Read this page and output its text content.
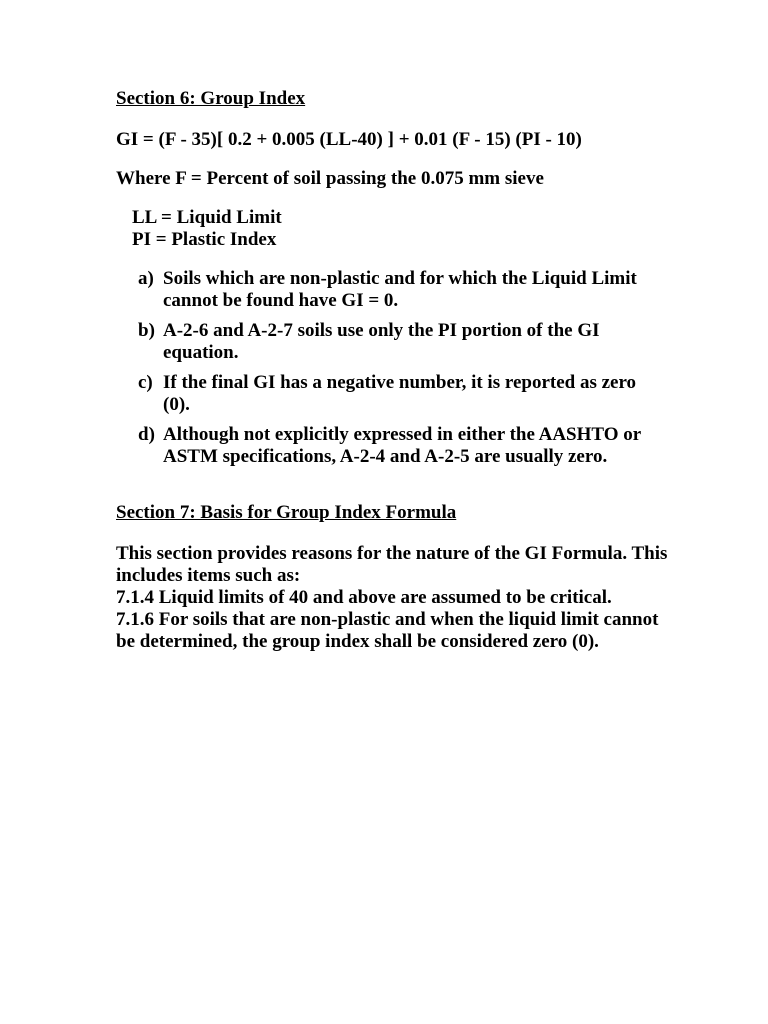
Section 6: Group Index
GI = (F - 35)[ 0.2 + 0.005 (LL-40) ] + 0.01 (F - 15) (PI - 10)
Where F = Percent of soil passing the 0.075 mm sieve
LL = Liquid Limit
PI = Plastic Index
a) Soils which are non-plastic and for which the Liquid Limit cannot be found have GI = 0.
b) A-2-6 and A-2-7 soils use only the PI portion of the GI equation.
c) If the final GI has a negative number, it is reported as zero (0).
d) Although not explicitly expressed in either the AASHTO or ASTM specifications, A-2-4 and A-2-5 are usually zero.
Section 7: Basis for Group Index Formula
This section provides reasons for the nature of the GI Formula. This includes items such as:
7.1.4 Liquid limits of 40 and above are assumed to be critical.
7.1.6 For soils that are non-plastic and when the liquid limit cannot be determined, the group index shall be considered zero (0).
